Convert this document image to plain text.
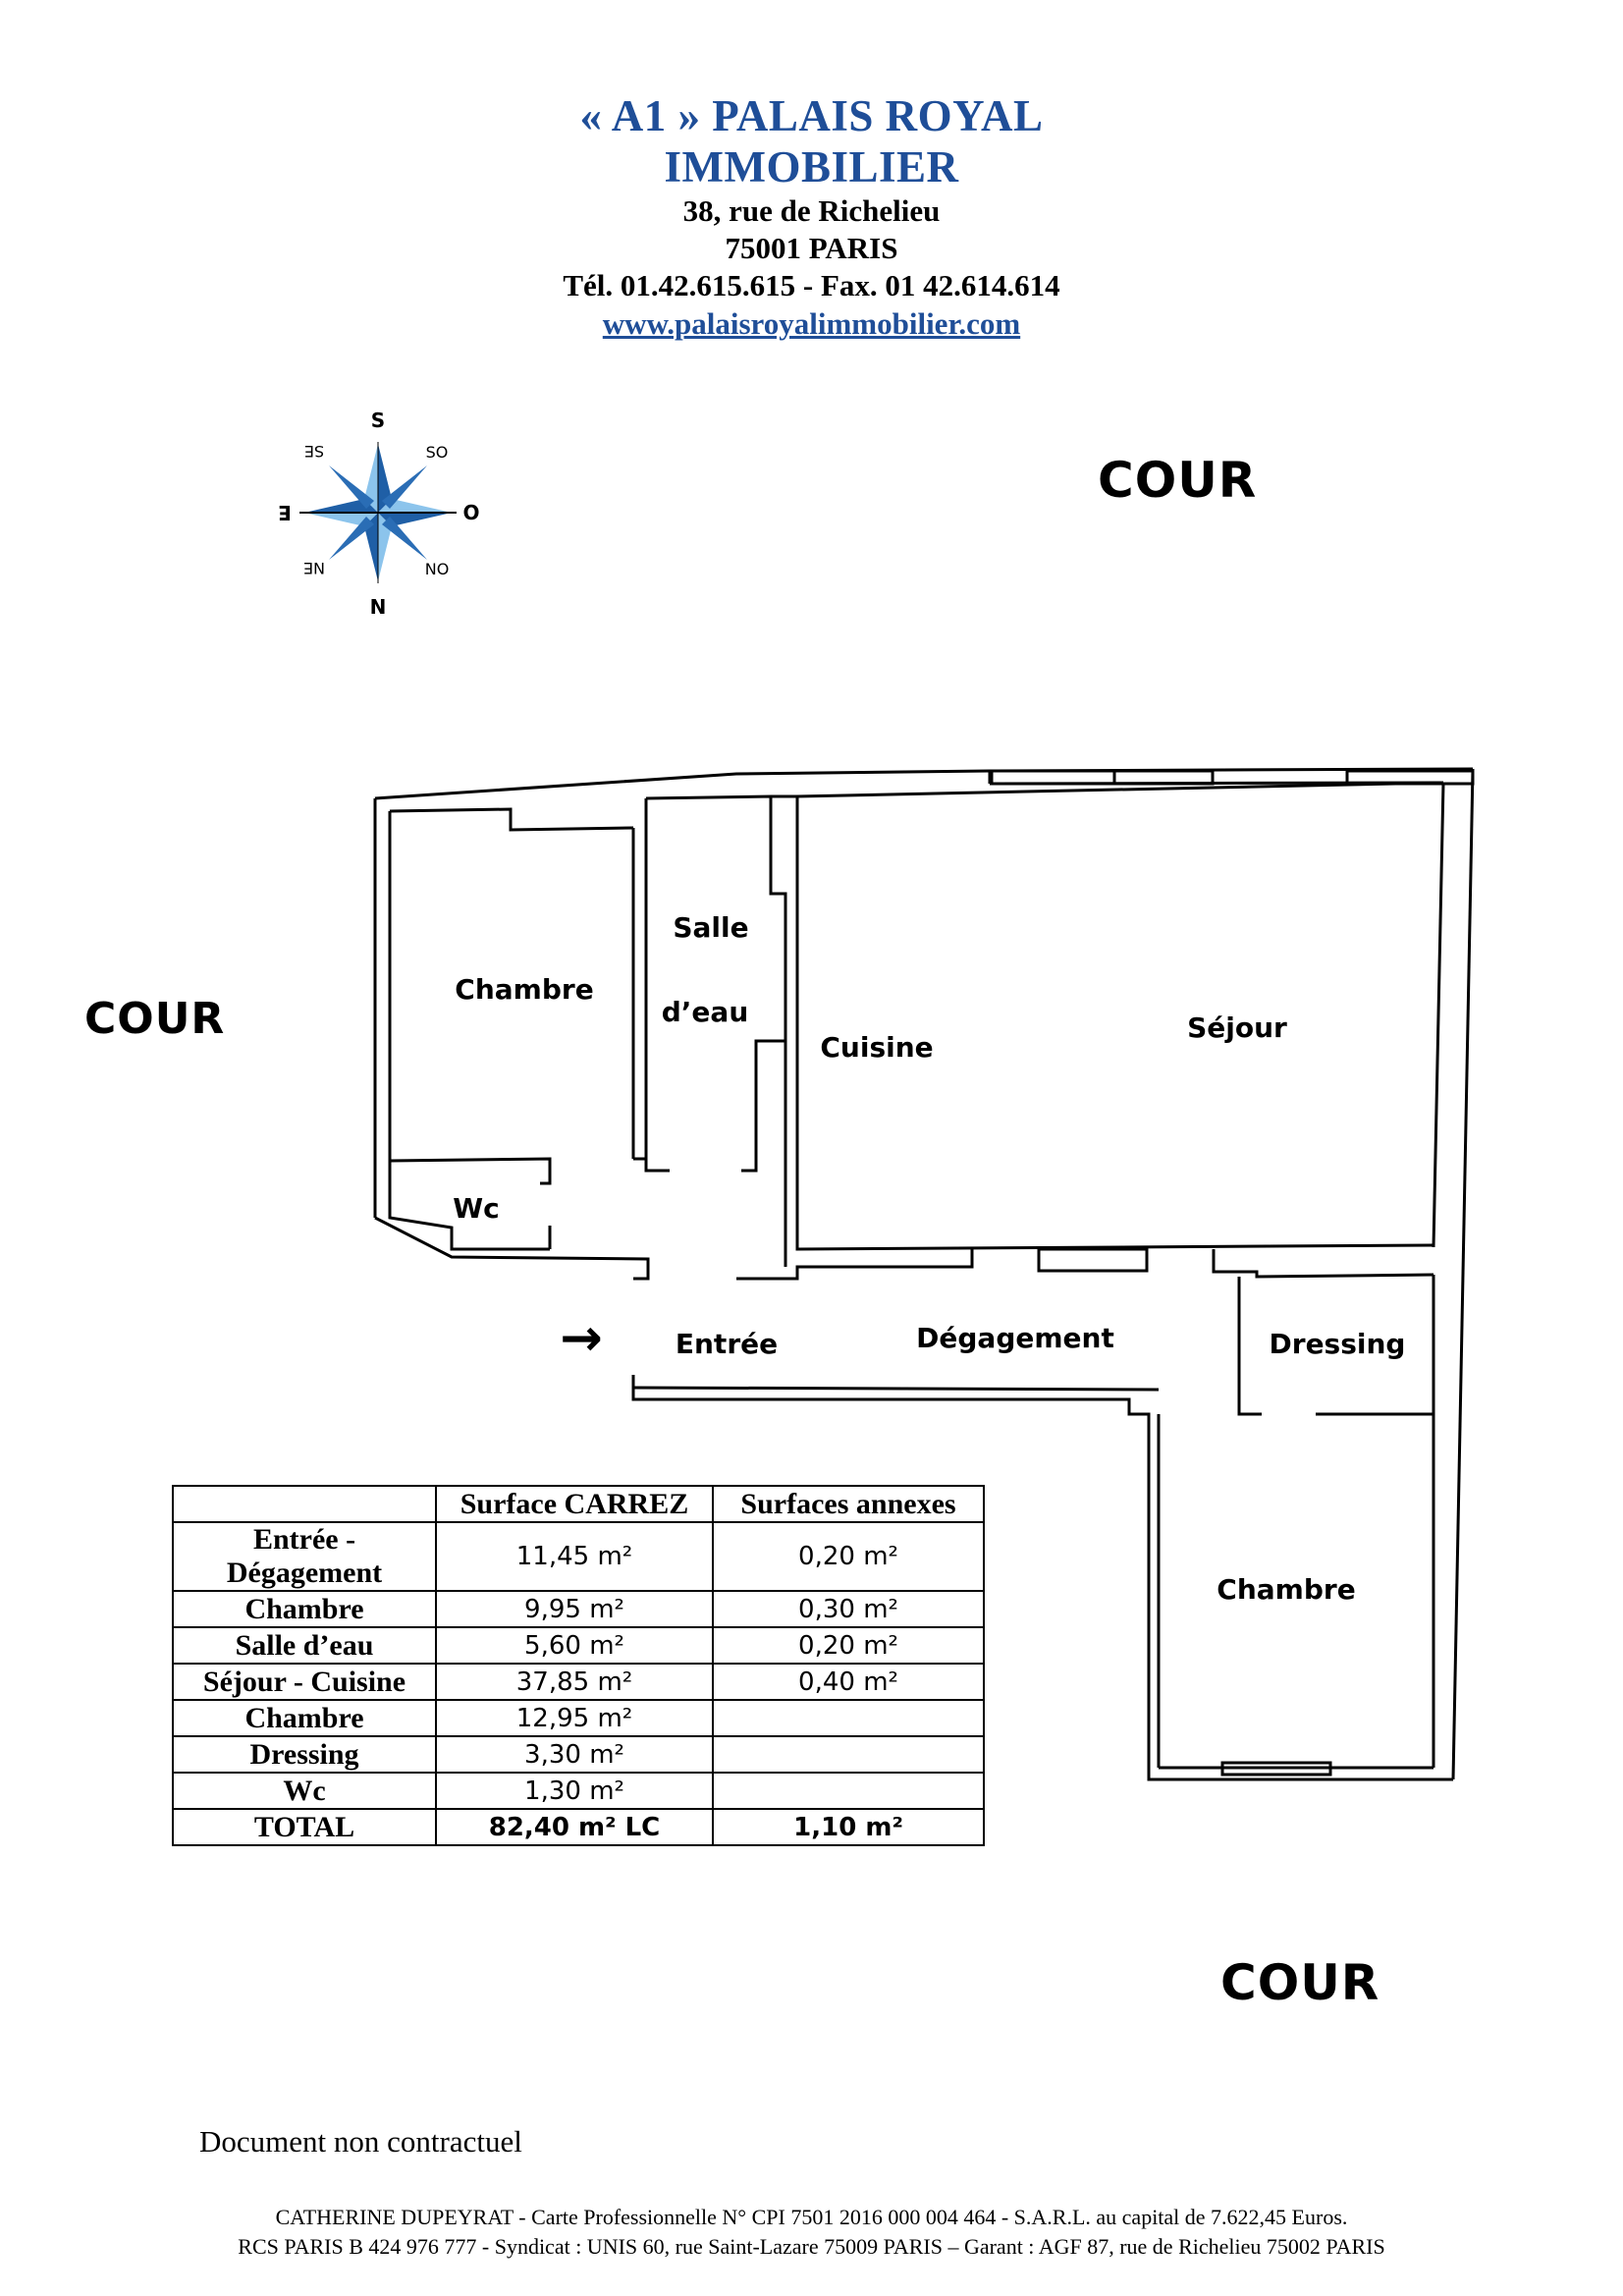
« A1 » PALAIS ROYAL
IMMOBILIER
38, rue de Richelieu
75001 PARIS
Tél. 01.42.615.615 - Fax. 01 42.614.614
www.palaisroyalimmobilier.com
S
N
O
E
SE	SO
NE	NO
COUR
COUR
COUR
Chambre
Salle
d’eau
Cuisine
Séjour
Wc
Entrée	Dégagement	Dressing
Chambre
→
	Surface CARREZ	Surfaces annexes
Entrée - Dégagement	11,45 m²	0,20 m²
Chambre	9,95 m²	0,30 m²
Salle d’eau	5,60 m²	0,20 m²
Séjour - Cuisine	37,85 m²	0,40 m²
Chambre	12,95 m²	
Dressing	3,30 m²	
Wc	1,30 m²	
TOTAL	82,40 m² LC	1,10 m²
Document non contractuel
CATHERINE DUPEYRAT - Carte Professionnelle N° CPI 7501 2016 000 004 464 - S.A.R.L. au capital de 7.622,45 Euros.
RCS PARIS B 424 976 777 - Syndicat : UNIS 60, rue Saint-Lazare 75009 PARIS – Garant : AGF 87, rue de Richelieu 75002 PARIS
